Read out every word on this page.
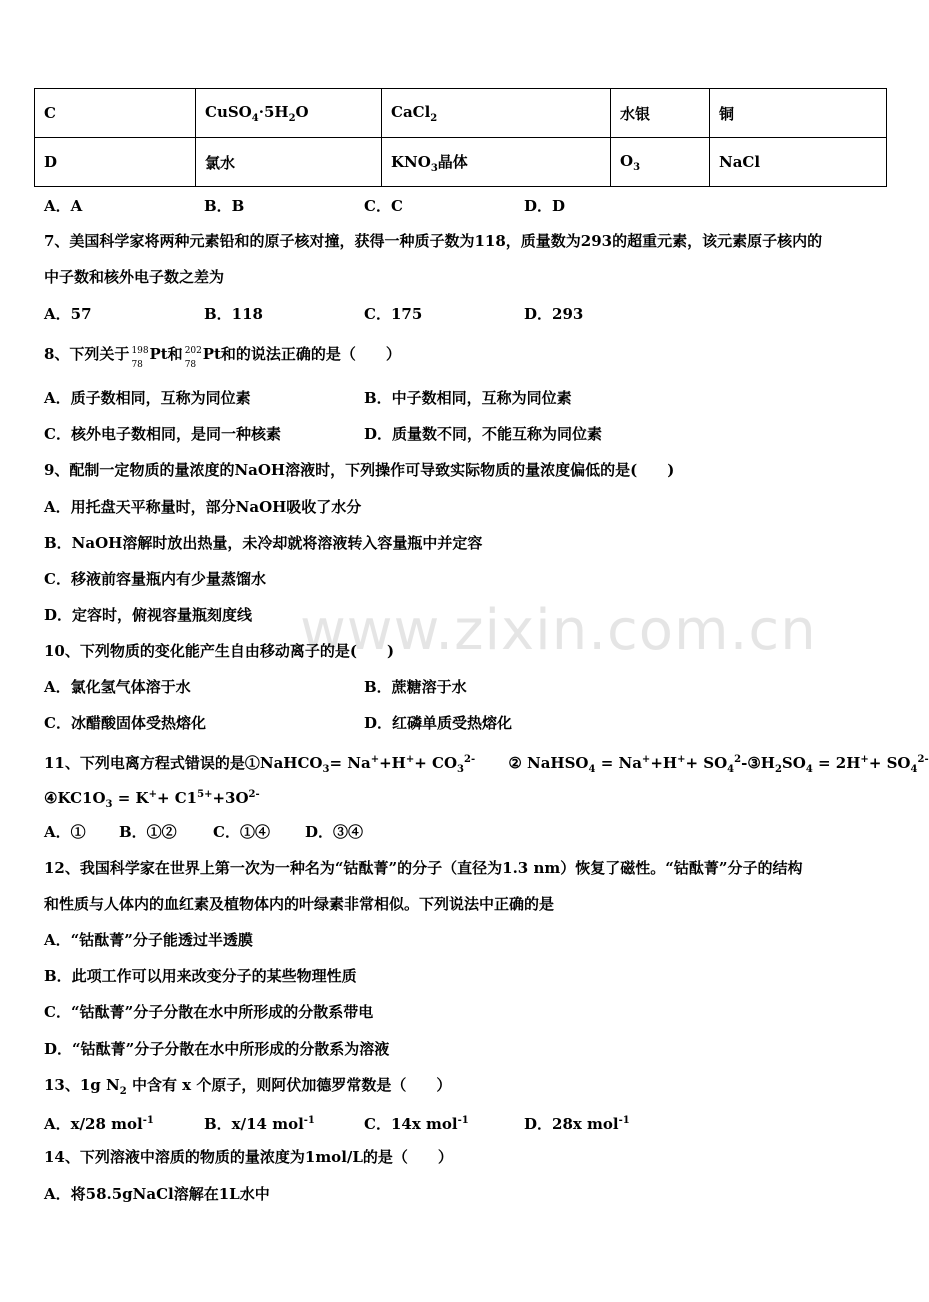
C	$CuSO_4\cdot 5H_2O$	CaCl$_2$	水银	铜
D	氯水	$KNO_3$晶体	$O_3$	NaCl
A．A	B．B	C．C	D．D
7、美国科学家将两种元素铅和的原子核对撞，获得一种质子数为118，质量数为293的超重元素，该元素原子核内的
中子数和核外电子数之差为
A．57	B．118	C．175	D．293
8、下列关于 198
78
Pt和 202
78
Pt和的说法正确的是（　　）
A．质子数相同，互称为同位素	B．中子数相同，互称为同位素
C．核外电子数相同，是同一种核素	D．质量数不同，不能互称为同位素
9、配制一定物质的量浓度的NaOH溶液时，下列操作可导致实际物质的量浓度偏低的是(　　)
A．用托盘天平称量时，部分NaOH吸收了水分
B．NaOH溶解时放出热量，未冷却就将溶液转入容量瓶中并定容
C．移液前容量瓶内有少量蒸馏水
D．定容时，俯视容量瓶刻度线
10、下列物质的变化能产生自由移动离子的是(　　)
A．氯化氢气体溶于水	B．蔗糖溶于水
C．冰醋酸固体受热熔化	D．红磷单质受热熔化
11、下列电离方程式错误的是①NaHCO$_3$= $Na^++H^++ CO_3^{2-}$ ② NaHSO$_4$ = $Na^++H^++ SO_4^2-③H_2SO_4 = 2H^++ SO_4^{2-}$
$④KC1O_3 = K^++ C1^{5+}+3O^{2-}$
A．① B．①② C．①④ D．③④
12、我国科学家在世界上第一次为一种名为“钴酞菁”的分子（直径为1.3 nm）恢复了磁性。“钴酞菁”分子的结构
和性质与人体内的血红素及植物体内的叶绿素非常相似。下列说法中正确的是
A．“钴酞菁”分子能透过半透膜
B．此项工作可以用来改变分子的某些物理性质
C．“钴酞菁”分子分散在水中所形成的分散系带电
D．“钴酞菁”分子分散在水中所形成的分散系为溶液
13、1g $N_2$ 中含有 x 个原子，则阿伏加德罗常数是（　　）
A．x/28 mol$^{-1}$	B．x/14 mol$^{-1}$	C．14x mol$^{-1}$	D．28x mol$^{-1}$
14、下列溶液中溶质的物质的量浓度为1mol/L的是（　　）
A．将58.5gNaCl溶解在1L水中
www.zixin.com.cn
